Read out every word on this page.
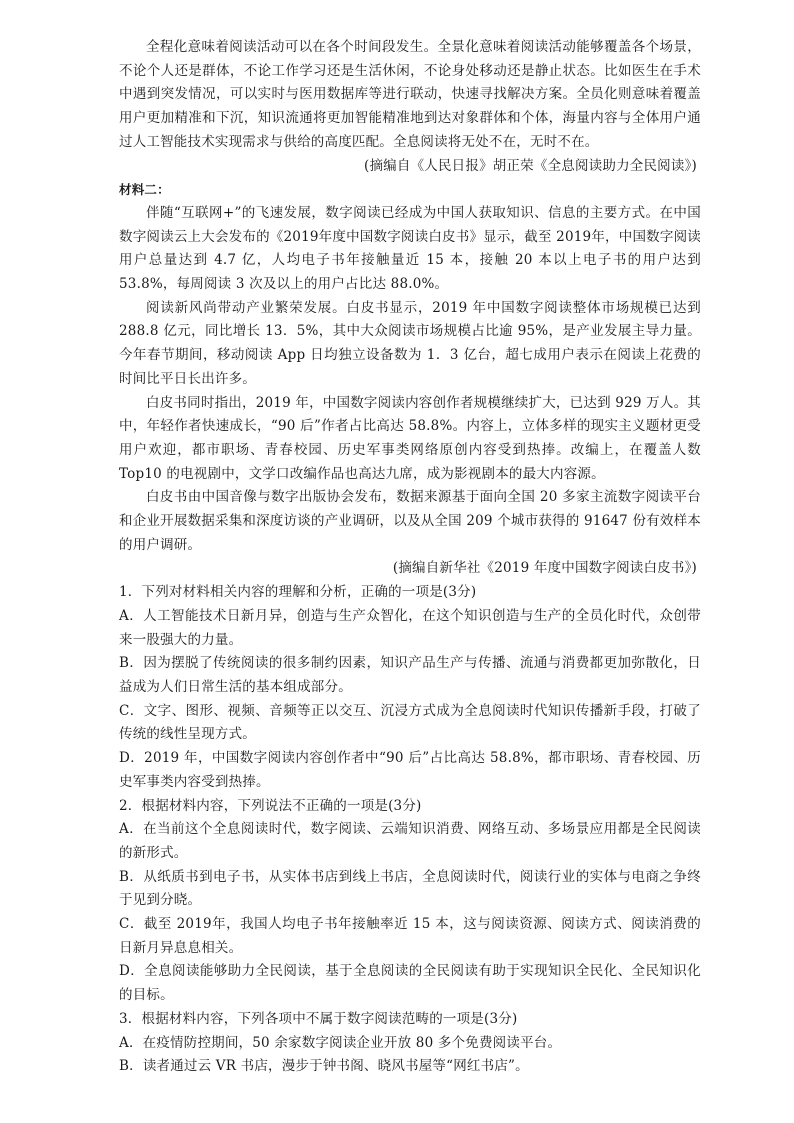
全程化意味着阅读活动可以在各个时间段发生。全景化意味着阅读活动能够覆盖各个场景，不论个人还是群体，不论工作学习还是生活休闲，不论身处移动还是静止状态。比如医生在手术中遇到突发情况，可以实时与医用数据库等进行联动，快速寻找解决方案。全员化则意味着覆盖用户更加精准和下沉，知识流通将更加智能精准地到达对象群体和个体，海量内容与全体用户通过人工智能技术实现需求与供给的高度匹配。全息阅读将无处不在，无时不在。

(摘编自《人民日报》胡正荣《全息阅读助力全民阅读》)

材料二：

伴随“互联网+”的飞速发展，数字阅读已经成为中国人获取知识、信息的主要方式。在中国数字阅读云上大会发布的《2019年度中国数字阅读白皮书》显示，截至 2019年，中国数字阅读用户总量达到 4.7 亿，人均电子书年接触量近 15 本，接触 20 本以上电子书的用户达到 53.8%，每周阅读 3 次及以上的用户占比达 88.0%。

阅读新风尚带动产业繁荣发展。白皮书显示，2019 年中国数字阅读整体市场规模已达到 288.8 亿元，同比增长 13．5%，其中大众阅读市场规模占比逾 95%，是产业发展主导力量。今年春节期间，移动阅读 App 日均独立设备数为 1．3 亿台，超七成用户表示在阅读上花费的时间比平日长出许多。

白皮书同时指出，2019 年，中国数字阅读内容创作者规模继续扩大，已达到 929 万人。其中，年轻作者快速成长，“90 后”作者占比高达 58.8%。内容上，立体多样的现实主义题材更受用户欢迎，都市职场、青春校园、历史军事类网络原创内容受到热捧。改编上，在覆盖人数 Top10 的电视剧中，文学口改编作品也高达九席，成为影视剧本的最大内容源。

白皮书由中国音像与数字出版协会发布，数据来源基于面向全国 20 多家主流数字阅读平台和企业开展数据采集和深度访谈的产业调研，以及从全国 209 个城市获得的 91647 份有效样本的用户调研。

(摘编自新华社《2019 年度中国数字阅读白皮书》)

1．下列对材料相关内容的理解和分析，正确的一项是(3分)

A．人工智能技术日新月异，创造与生产众智化，在这个知识创造与生产的全员化时代，众创带来一股强大的力量。

B．因为摆脱了传统阅读的很多制约因素，知识产品生产与传播、流通与消费都更加弥散化，日益成为人们日常生活的基本组成部分。

C．文字、图形、视频、音频等正以交互、沉浸方式成为全息阅读时代知识传播新手段，打破了传统的线性呈现方式。

D．2019 年，中国数字阅读内容创作者中“90 后”占比高达 58.8%，都市职场、青春校园、历史军事类内容受到热捧。

2．根据材料内容，下列说法不正确的一项是(3分)

A．在当前这个全息阅读时代，数字阅读、云端知识消费、网络互动、多场景应用都是全民阅读的新形式。

B．从纸质书到电子书，从实体书店到线上书店，全息阅读时代，阅读行业的实体与电商之争终于见到分晓。

C．截至 2019年，我国人均电子书年接触率近 15 本，这与阅读资源、阅读方式、阅读消费的日新月异息息相关。

D．全息阅读能够助力全民阅读，基于全息阅读的全民阅读有助于实现知识全民化、全民知识化的目标。

3．根据材料内容，下列各项中不属于数字阅读范畴的一项是(3分)

A．在疫情防控期间，50 余家数字阅读企业开放 80 多个免费阅读平台。

B．读者通过云 VR 书店，漫步于钟书阁、晓风书屋等“网红书店”。
